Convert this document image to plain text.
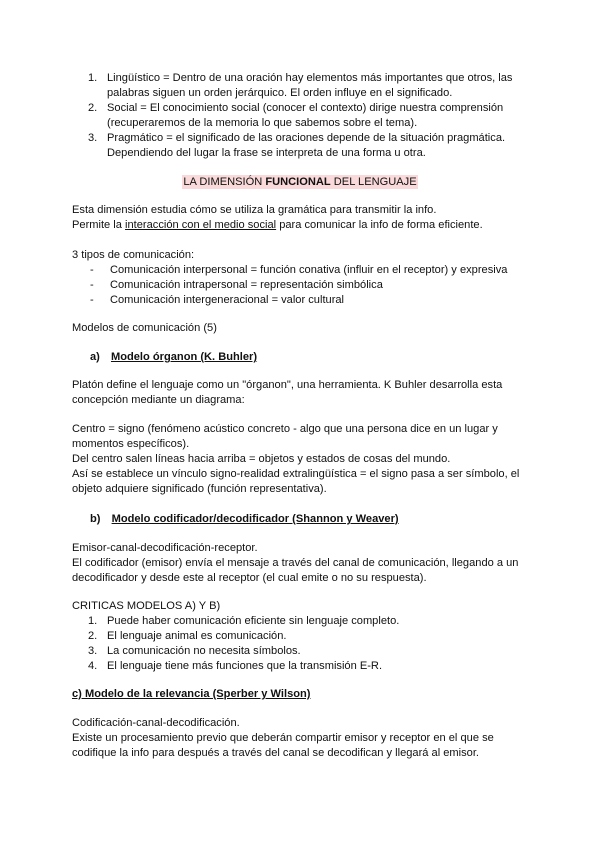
1. Lingüístico = Dentro de una oración hay elementos más importantes que otros, las
palabras siguen un orden jerárquico. El orden influye en el significado.
2. Social = El conocimiento social (conocer el contexto) dirige nuestra comprensión
(recuperaremos de la memoria lo que sabemos sobre el tema).
3. Pragmático = el significado de las oraciones depende de la situación pragmática.
Dependiendo del lugar la frase se interpreta de una forma u otra.
LA DIMENSIÓN FUNCIONAL DEL LENGUAJE
Esta dimensión estudia cómo se utiliza la gramática para transmitir la info.
Permite la interacción con el medio social para comunicar la info de forma eficiente.
3 tipos de comunicación:
- Comunicación interpersonal = función conativa (influir en el receptor) y expresiva
- Comunicación intrapersonal = representación simbólica
- Comunicación intergeneracional = valor cultural
Modelos de comunicación (5)
a) Modelo órganon (K. Buhler)
Platón define el lenguaje como un "órganon", una herramienta. K Buhler desarrolla esta
concepción mediante un diagrama:
Centro = signo (fenómeno acústico concreto - algo que una persona dice en un lugar y
momentos específicos).
Del centro salen líneas hacia arriba = objetos y estados de cosas del mundo.
Así se establece un vínculo signo-realidad extralingüística = el signo pasa a ser símbolo, el
objeto adquiere significado (función representativa).
b) Modelo codificador/decodificador (Shannon y Weaver)
Emisor-canal-decodificación-receptor.
El codificador (emisor) envía el mensaje a través del canal de comunicación, llegando a un
decodificador y desde este al receptor (el cual emite o no su respuesta).
CRITICAS MODELOS A) Y B)
1. Puede haber comunicación eficiente sin lenguaje completo.
2. El lenguaje animal es comunicación.
3. La comunicación no necesita símbolos.
4. El lenguaje tiene más funciones que la transmisión E-R.
c) Modelo de la relevancia (Sperber y Wilson)
Codificación-canal-decodificación.
Existe un procesamiento previo que deberán compartir emisor y receptor en el que se
codifique la info para después a través del canal se decodifican y llegará al emisor.
